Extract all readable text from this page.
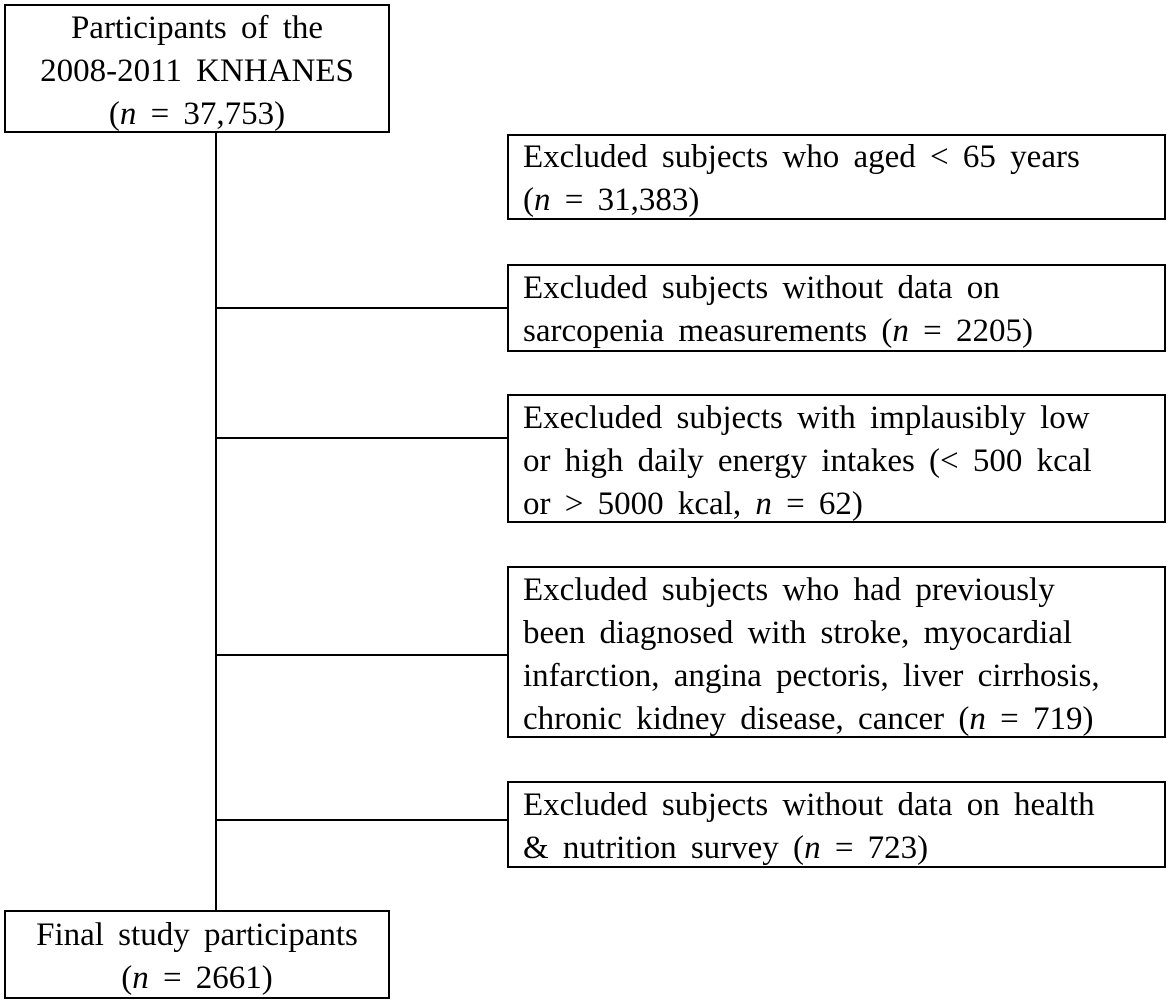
Participants of the
2008-2011 KNHANES
(n = 37,753)
Excluded subjects who aged < 65 years
(n = 31,383)
Excluded subjects without data on
sarcopenia measurements (n = 2205)
Execluded subjects with implausibly low
or high daily energy intakes (< 500 kcal
or > 5000 kcal, n = 62)
Excluded subjects who had previously
been diagnosed with stroke, myocardial
infarction, angina pectoris, liver cirrhosis,
chronic kidney disease, cancer (n = 719)
Excluded subjects without data on health
& nutrition survey (n = 723)
Final study participants
(n = 2661)
